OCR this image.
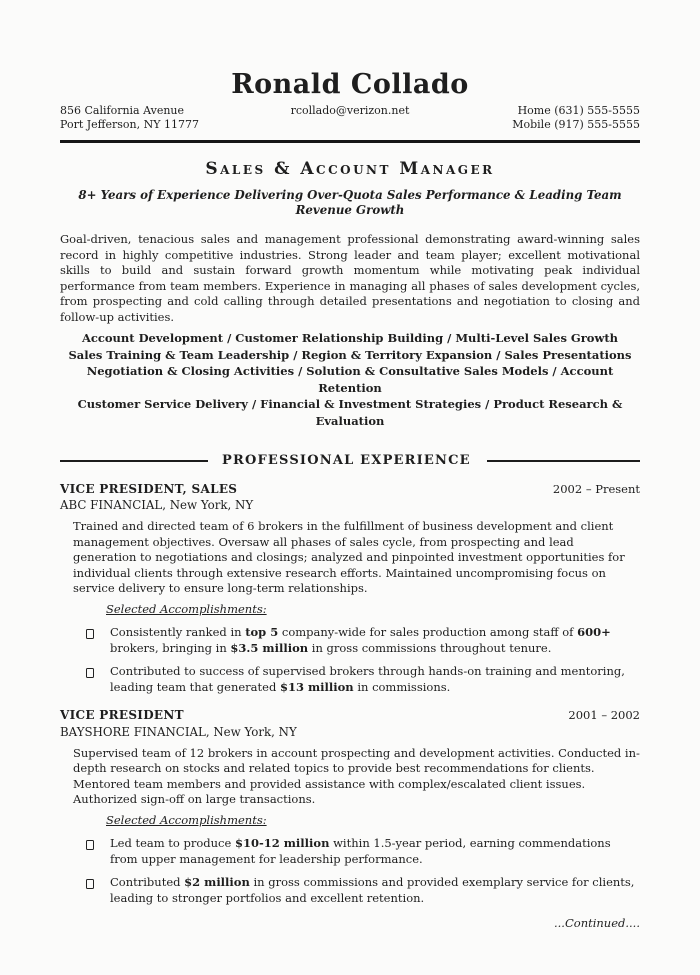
Ronald Collado
856 California Avenue
Port Jefferson, NY 11777
rcollado@verizon.net	Home (631) 555-5555
Mobile (917) 555-5555
Sales & Account Manager
8+ Years of Experience Delivering Over-Quota Sales Performance & Leading Team Revenue Growth
Goal-driven, tenacious sales and management professional demonstrating award-winning sales record in highly competitive industries. Strong leader and team player; excellent motivational skills to build and sustain forward growth momentum while motivating peak individual performance from team members. Experience in managing all phases of sales development cycles, from prospecting and cold calling through detailed presentations and negotiation to closing and follow-up activities.
Account Development / Customer Relationship Building / Multi-Level Sales Growth
Sales Training & Team Leadership / Region & Territory Expansion / Sales Presentations
Negotiation & Closing Activities / Solution & Consultative Sales Models / Account Retention
Customer Service Delivery / Financial & Investment Strategies / Product Research & Evaluation
PROFESSIONAL EXPERIENCE
VICE PRESIDENT, SALES	2002 – Present
ABC FINANCIAL, New York, NY
Trained and directed team of 6 brokers in the fulfillment of business development and client management objectives. Oversaw all phases of sales cycle, from prospecting and lead generation to negotiations and closings; analyzed and pinpointed investment opportunities for individual clients through extensive research efforts. Maintained uncompromising focus on service delivery to ensure long-term relationships.
Selected Accomplishments:
Consistently ranked in top 5 company-wide for sales production among staff of 600+ brokers, bringing in $3.5 million in gross commissions throughout tenure.
Contributed to success of supervised brokers through hands-on training and mentoring, leading team that generated $13 million in commissions.
VICE PRESIDENT	2001 – 2002
BAYSHORE FINANCIAL, New York, NY
Supervised team of 12 brokers in account prospecting and development activities. Conducted in-depth research on stocks and related topics to provide best recommendations for clients. Mentored team members and provided assistance with complex/escalated client issues. Authorized sign-off on large transactions.
Selected Accomplishments:
Led team to produce $10-12 million within 1.5-year period, earning commendations from upper management for leadership performance.
Contributed $2 million in gross commissions and provided exemplary service for clients, leading to stronger portfolios and excellent retention.
...Continued....
